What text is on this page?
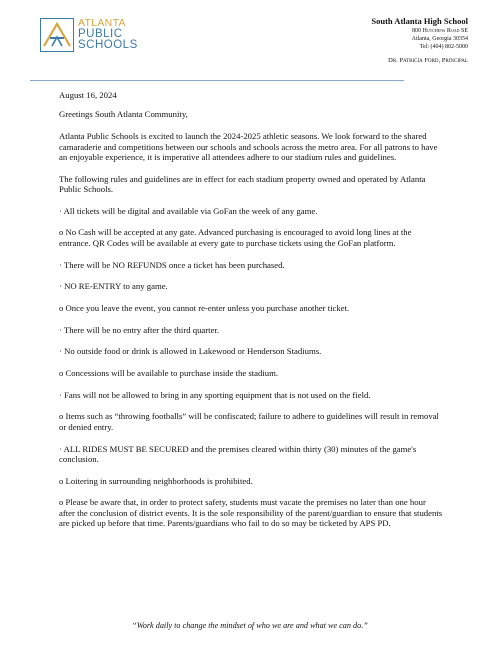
ATLANTA
PUBLIC
SCHOOLS
South Atlanta High School
800 Hutchens Road SE
Atlanta, Georgia 30354
Tel: (404) 802-5000
Dr. Patricia Ford, Principal

August 16, 2024

Greetings South Atlanta Community,

Atlanta Public Schools is excited to launch the 2024-2025 athletic seasons. We look forward to the shared camaraderie and competitions between our schools and schools across the metro area. For all patrons to have an enjoyable experience, it is imperative all attendees adhere to our stadium rules and guidelines.

The following rules and guidelines are in effect for each stadium property owned and operated by Atlanta Public Schools.

· All tickets will be digital and available via GoFan the week of any game.

o No Cash will be accepted at any gate. Advanced purchasing is encouraged to avoid long lines at the entrance. QR Codes will be available at every gate to purchase tickets using the GoFan platform.

· There will be NO REFUNDS once a ticket has been purchased.

· NO RE-ENTRY to any game.

o Once you leave the event, you cannot re-enter unless you purchase another ticket.

· There will be no entry after the third quarter.

· No outside food or drink is allowed in Lakewood or Henderson Stadiums.

o Concessions will be available to purchase inside the stadium.

· Fans will not be allowed to bring in any sporting equipment that is not used on the field.

o Items such as “throwing footballs” will be confiscated; failure to adhere to guidelines will result in removal or denied entry.

· ALL RIDES MUST BE SECURED and the premises cleared within thirty (30) minutes of the game's conclusion.

o Loitering in surrounding neighborhoods is prohibited.

o Please be aware that, in order to protect safety, students must vacate the premises no later than one hour after the conclusion of district events. It is the sole responsibility of the parent/guardian to ensure that students are picked up before that time. Parents/guardians who fail to do so may be ticketed by APS PD.

“Work daily to change the mindset of who we are and what we can do.”
